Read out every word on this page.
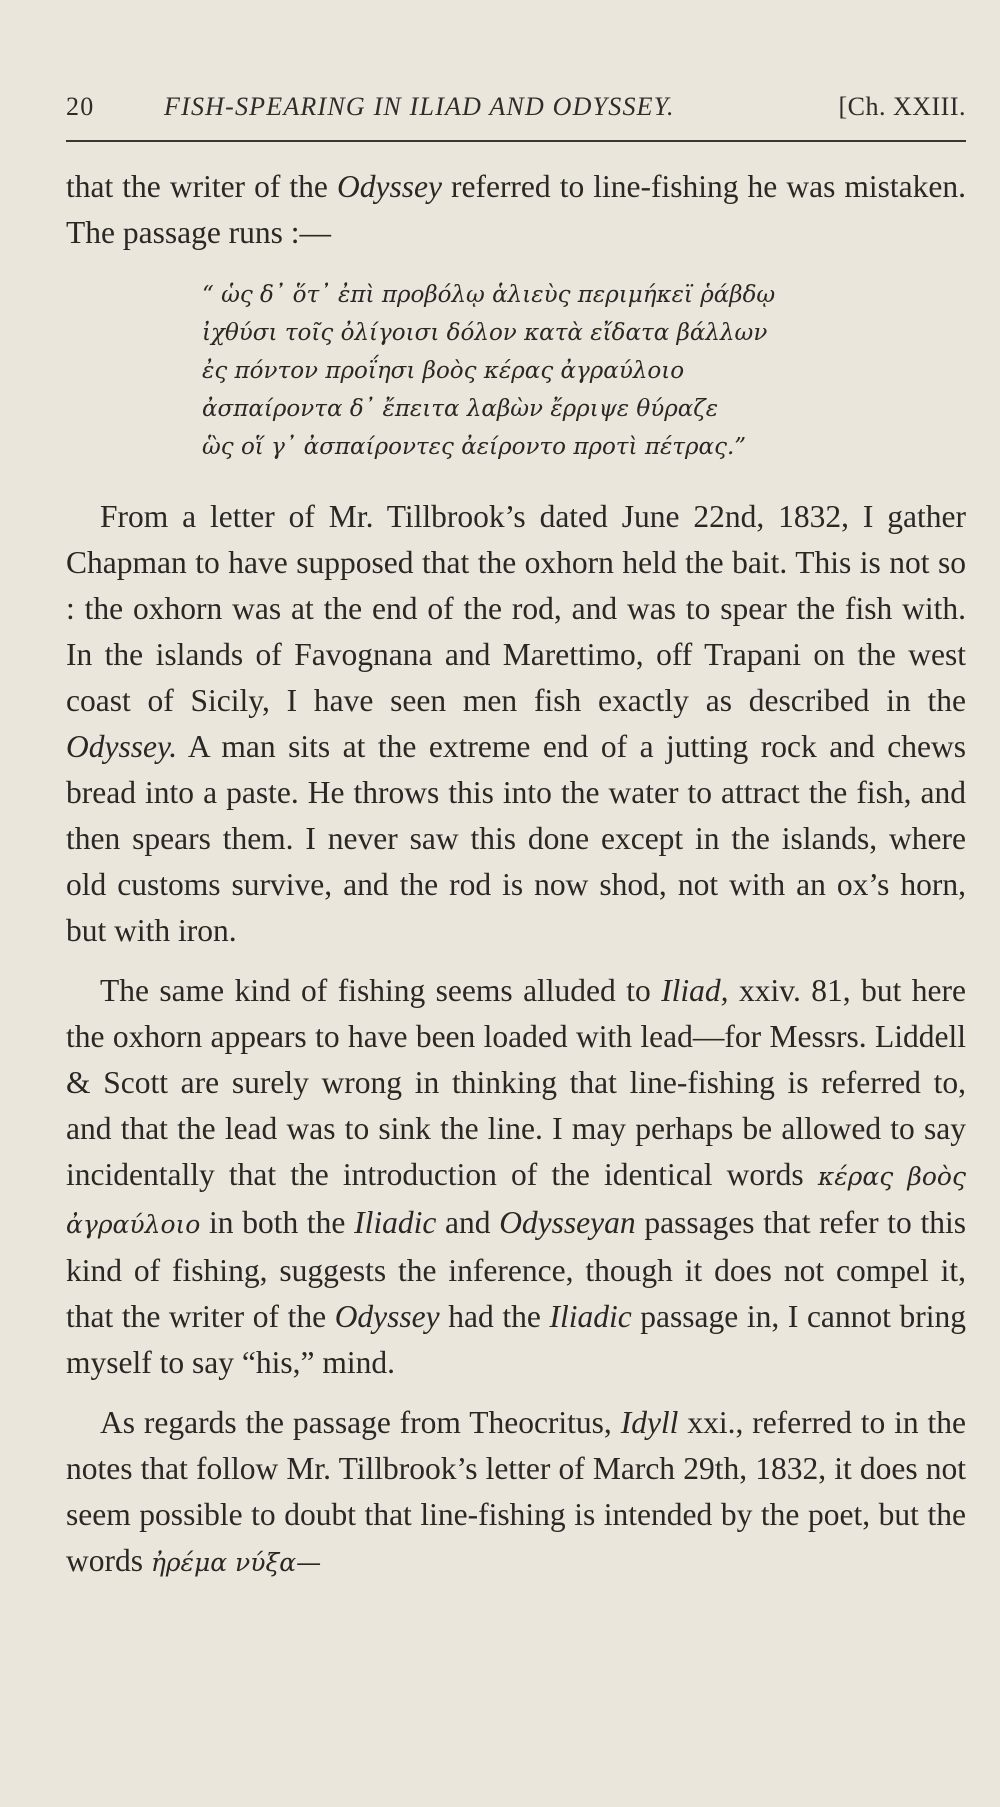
20	FISH-SPEARING IN ILIAD AND ODYSSEY.	[Ch. XXIII.

that the writer of the Odyssey referred to line-fishing he was mistaken. The passage runs :—

“ ὡς δ᾽ ὅτ᾽ ἐπὶ προβόλῳ ἁλιεὺς περιμήκεϊ ῥάβδῳ
ἰχθύσι τοῖς ὀλίγοισι δόλον κατὰ εἴδατα βάλλων
ἐς πόντον προΐησι βοὸς κέρας ἀγραύλοιο
ἀσπαίροντα δ᾽ ἔπειτα λαβὼν ἔρριψε θύραζε
ὣς οἵ γ᾽ ἀσπαίροντες ἀείροντο προτὶ πέτρας.”

From a letter of Mr. Tillbrook’s dated June 22nd, 1832, I gather Chapman to have supposed that the oxhorn held the bait. This is not so : the oxhorn was at the end of the rod, and was to spear the fish with. In the islands of Favognana and Marettimo, off Trapani on the west coast of Sicily, I have seen men fish exactly as described in the Odyssey. A man sits at the extreme end of a jutting rock and chews bread into a paste. He throws this into the water to attract the fish, and then spears them. I never saw this done except in the islands, where old customs survive, and the rod is now shod, not with an ox’s horn, but with iron.

The same kind of fishing seems alluded to Iliad, xxiv. 81, but here the oxhorn appears to have been loaded with lead—for Messrs. Liddell & Scott are surely wrong in thinking that line-fishing is referred to, and that the lead was to sink the line. I may perhaps be allowed to say incidentally that the introduction of the identical words κέρας βοὸς ἀγραύλοιο in both the Iliadic and Odysseyan passages that refer to this kind of fishing, suggests the inference, though it does not compel it, that the writer of the Odyssey had the Iliadic passage in, I cannot bring myself to say “his,” mind.

As regards the passage from Theocritus, Idyll xxi., referred to in the notes that follow Mr. Tillbrook’s letter of March 29th, 1832, it does not seem possible to doubt that line-fishing is intended by the poet, but the words ἠρέμα νύξα—
